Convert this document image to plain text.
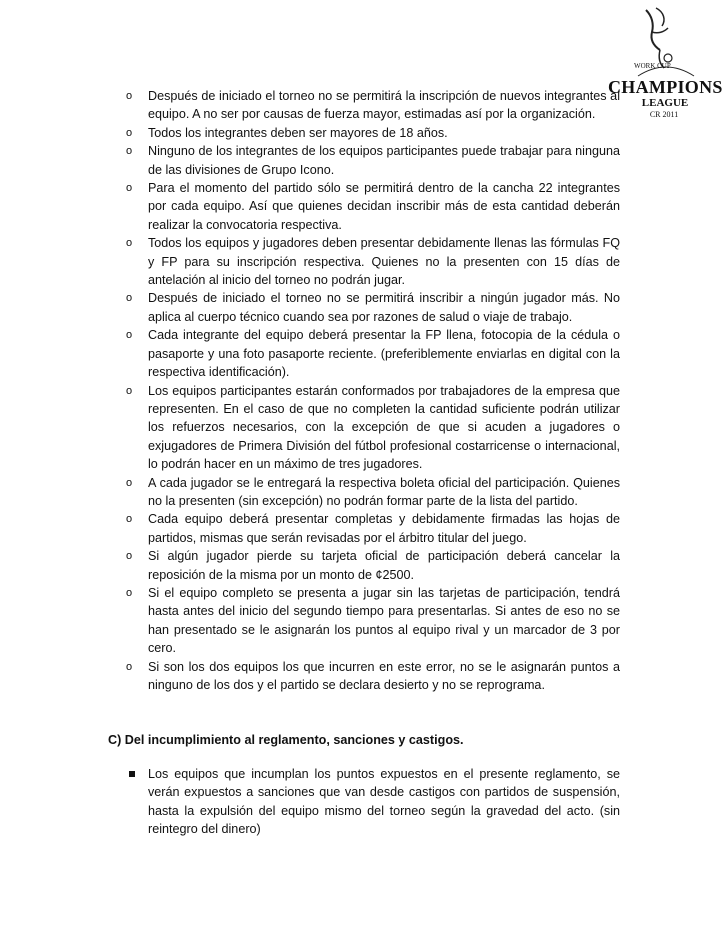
WORK CUP
CHAMPIONS
LEAGUE
CR 2011
o	Después de iniciado el torneo no se permitirá la inscripción de nuevos integrantes al equipo. A no ser por causas de fuerza mayor, estimadas así por la organización.
o	Todos los integrantes deben ser mayores de 18 años.
o	Ninguno de los integrantes de los equipos participantes puede trabajar para ninguna de las divisiones de Grupo Icono.
o	Para el momento del partido sólo se permitirá dentro de la cancha 22 integrantes por cada equipo. Así que quienes decidan inscribir más de esta cantidad deberán realizar la convocatoria respectiva.
o	Todos los equipos y jugadores deben presentar debidamente llenas las fórmulas FQ y FP para su inscripción respectiva. Quienes no la presenten con 15 días de antelación al inicio del torneo no podrán jugar.
o	Después de iniciado el torneo no se permitirá inscribir a ningún jugador más. No aplica al cuerpo técnico cuando sea por razones de salud o viaje de trabajo.
o	Cada integrante del equipo deberá presentar la FP llena, fotocopia de la cédula o pasaporte y una foto pasaporte reciente. (preferiblemente enviarlas en digital con la respectiva identificación).
o	Los equipos participantes estarán conformados por trabajadores de la empresa que representen. En el caso de que no completen la cantidad suficiente podrán utilizar los refuerzos necesarios, con la excepción de que si acuden a jugadores o exjugadores de Primera División del fútbol profesional costarricense o internacional, lo podrán hacer en un máximo de tres jugadores.
o	A cada jugador se le entregará la respectiva boleta oficial del participación. Quienes no la presenten (sin excepción) no podrán formar parte de la lista del partido.
o	Cada equipo deberá presentar completas y debidamente firmadas las hojas de partidos, mismas que serán revisadas por el árbitro titular del juego.
o	Si algún jugador pierde su tarjeta oficial de participación deberá cancelar la reposición de la misma por un monto de ¢2500.
o	Si el equipo completo se presenta a jugar sin las tarjetas de participación, tendrá hasta antes del inicio del segundo tiempo para presentarlas. Si antes de eso no se han presentado se le asignarán los puntos al equipo rival y un marcador de 3 por cero.
o	Si son los dos equipos los que incurren en este error, no se le asignarán puntos a ninguno de los dos y el partido se declara desierto y no se reprograma.
C) Del incumplimiento al reglamento, sanciones y castigos.
Los equipos que incumplan los puntos expuestos en el presente reglamento, se verán expuestos a sanciones que van desde castigos con partidos de suspensión, hasta la expulsión del equipo mismo del torneo según la gravedad del acto. (sin reintegro del dinero)
